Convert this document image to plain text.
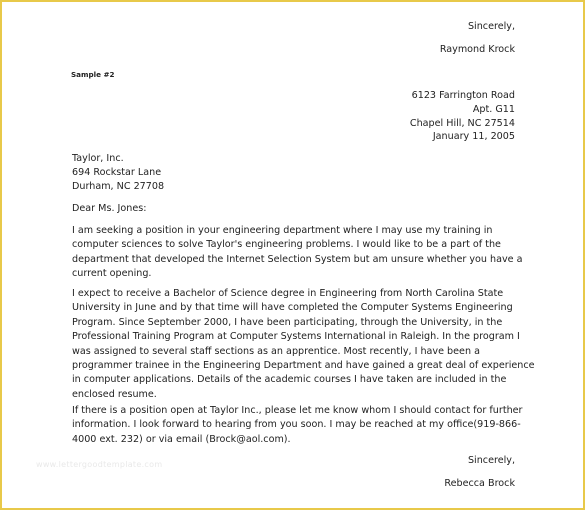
Sincerely,
Raymond Krock
Sample #2
6123 Farrington Road
Apt. G11
Chapel Hill, NC 27514
January 11, 2005
Taylor, Inc.
694 Rockstar Lane
Durham, NC 27708
Dear Ms. Jones:
I am seeking a position in your engineering department where I may use my training in
computer sciences to solve Taylor's engineering problems. I would like to be a part of the
department that developed the Internet Selection System but am unsure whether you have a
current opening.
I expect to receive a Bachelor of Science degree in Engineering from North Carolina State
University in June and by that time will have completed the Computer Systems Engineering
Program. Since September 2000, I have been participating, through the University, in the
Professional Training Program at Computer Systems International in Raleigh. In the program I
was assigned to several staff sections as an apprentice. Most recently, I have been a
programmer trainee in the Engineering Department and have gained a great deal of experience
in computer applications. Details of the academic courses I have taken are included in the
enclosed resume.
If there is a position open at Taylor Inc., please let me know whom I should contact for further
information. I look forward to hearing from you soon. I may be reached at my office(919-866-
4000 ext. 232) or via email (Brock@aol.com).
www.lettergoodtemplate.com	Sincerely,
Rebecca Brock
